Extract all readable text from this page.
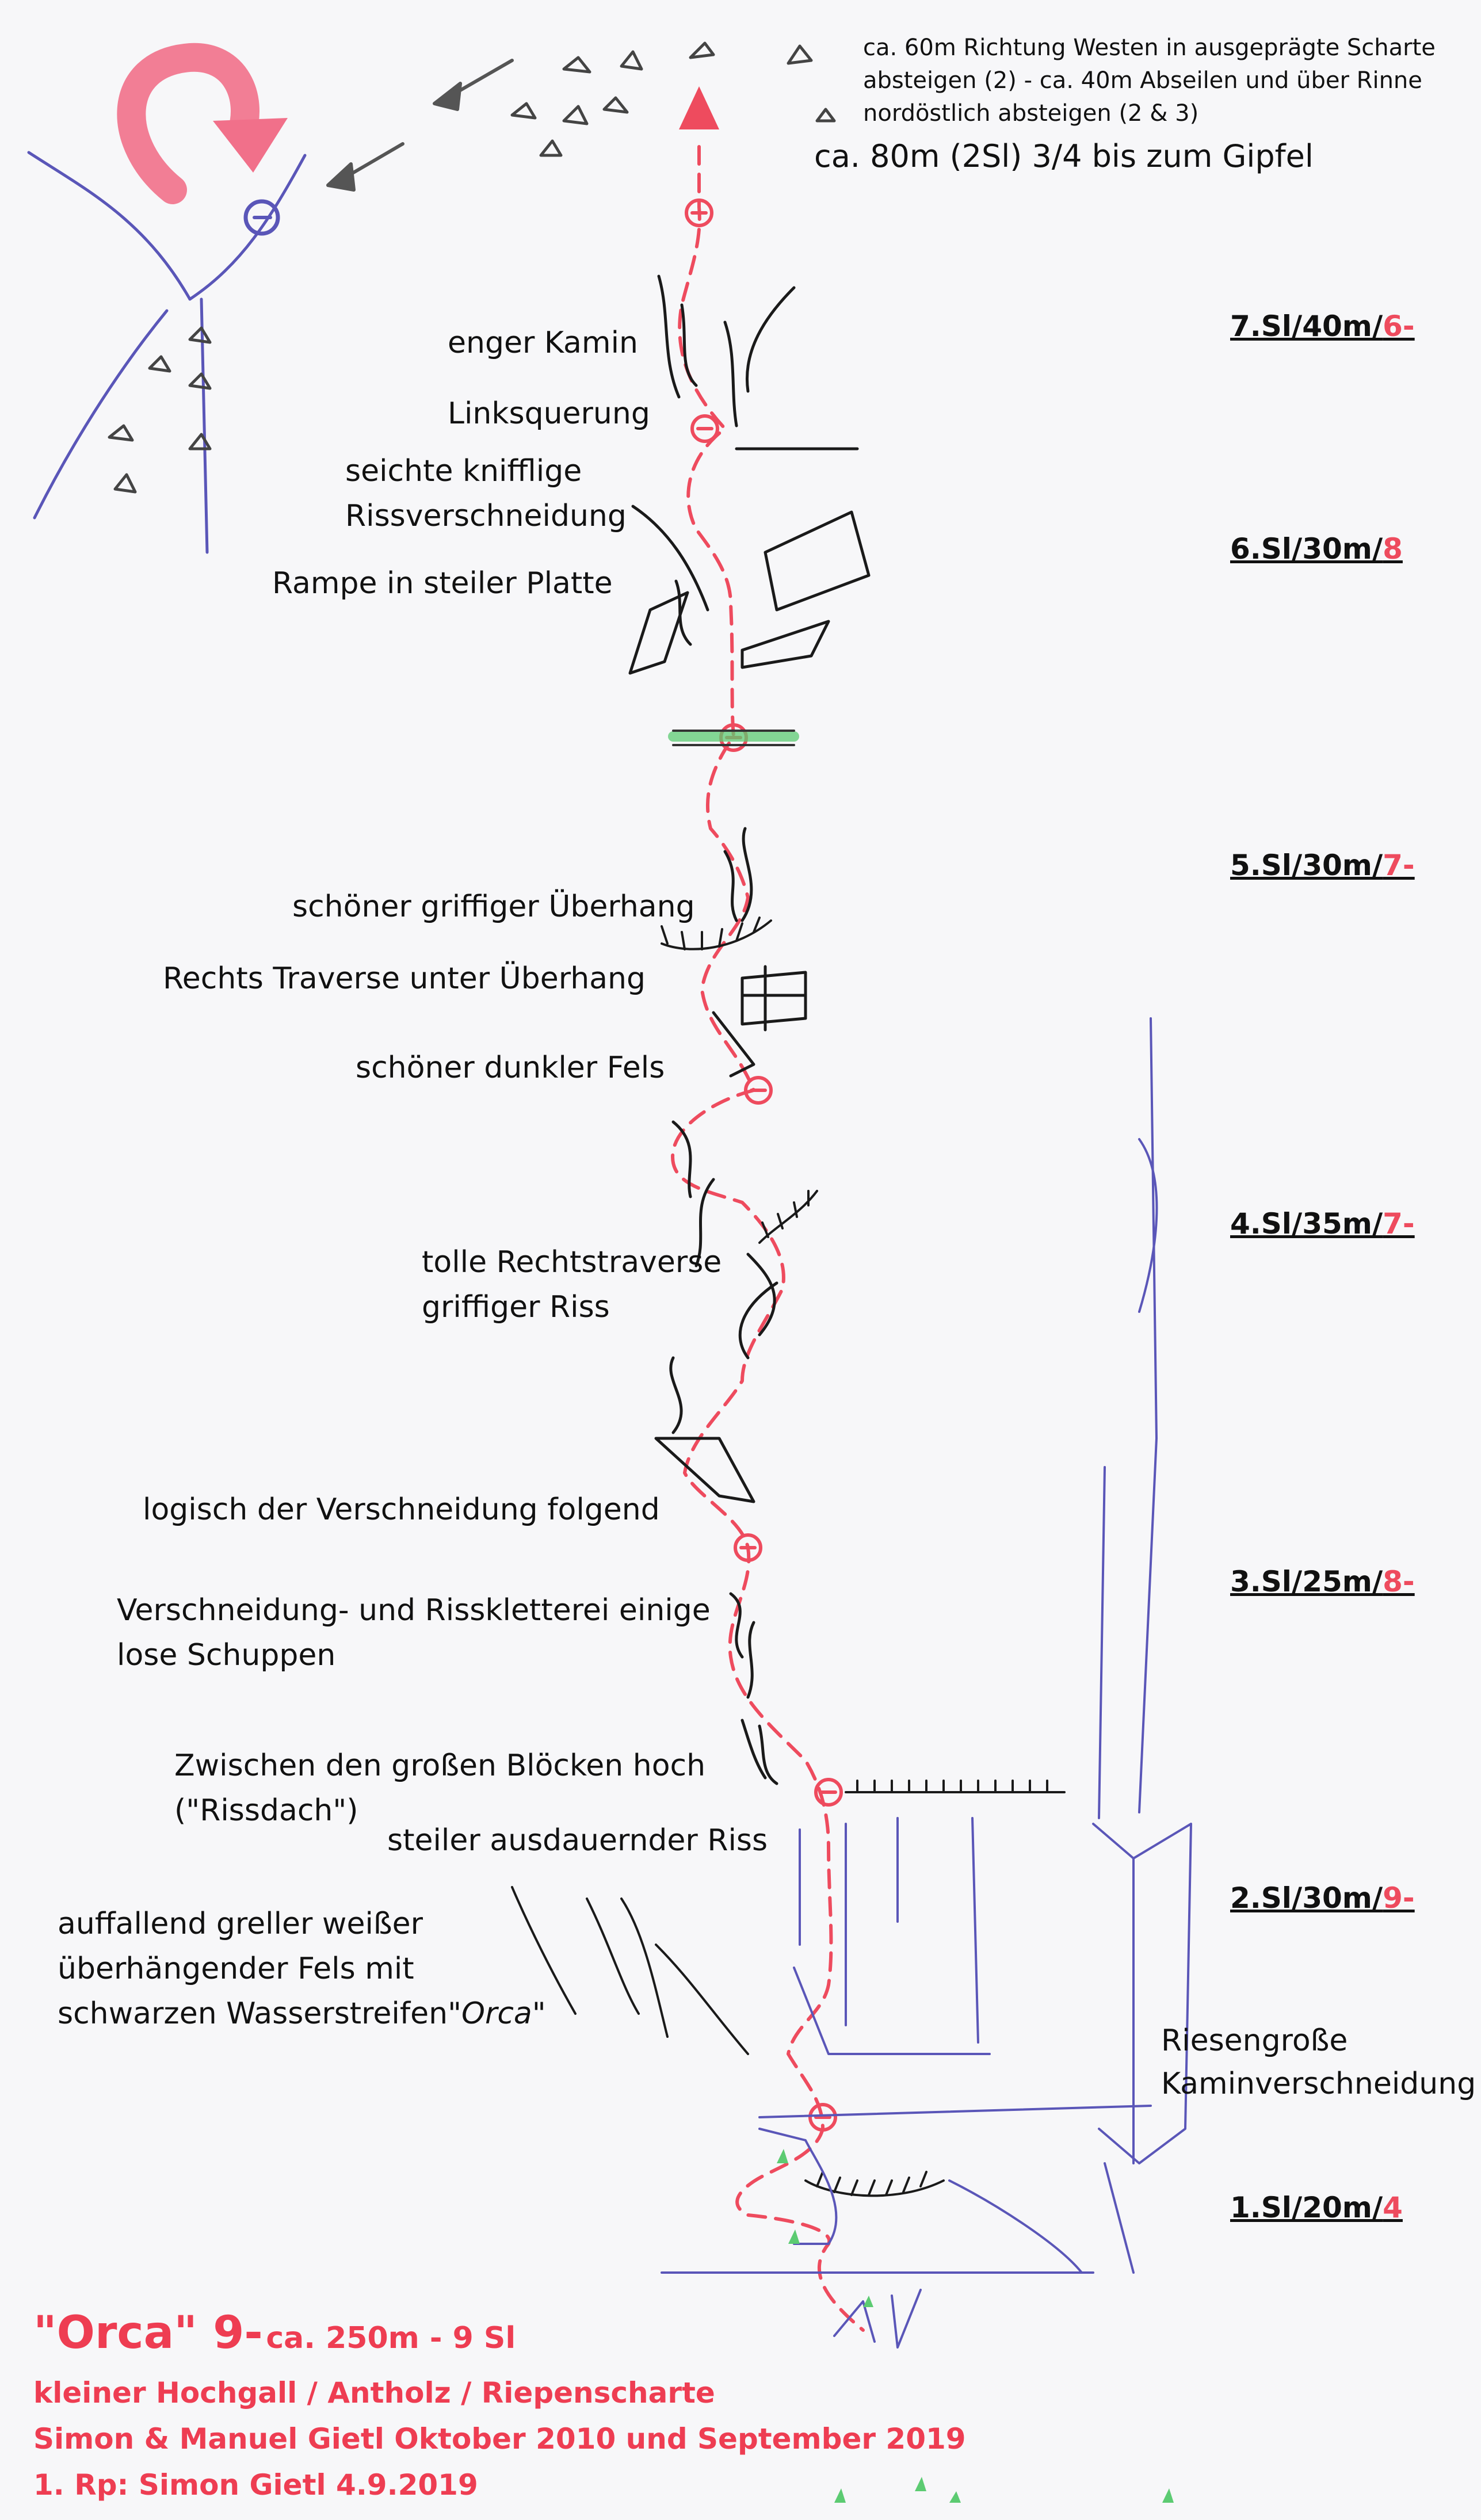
ca. 60m Richtung Westen in ausgeprägte Scharte
absteigen (2) - ca. 40m Abseilen und über Rinne
nordöstlich absteigen (2 & 3)
ca. 80m (2Sl) 3/4 bis zum Gipfel
enger Kamin
Linksquerung
seichte knifflige
Rissverschneidung
Rampe in steiler Platte
schöner griffiger Überhang
Rechts Traverse unter Überhang
schöner dunkler Fels
tolle Rechtstraverse
griffiger Riss
logisch der Verschneidung folgend
Verschneidung- und Risskletterei einige
lose Schuppen
Zwischen den großen Blöcken hoch
("Rissdach")
steiler ausdauernder Riss
auffallend greller weißer
überhängender Fels mit
schwarzen Wasserstreifen"Orca"
Riesengroße
Kaminverschneidung
7.Sl/40m/6-
6.Sl/30m/8
5.Sl/30m/7-
4.Sl/35m/7-
3.Sl/25m/8-
2.Sl/30m/9-
1.Sl/20m/4
"Orca" 9- ca. 250m - 9 Sl
kleiner Hochgall / Antholz / Riepenscharte
Simon & Manuel Gietl Oktober 2010 und September 2019
1. Rp: Simon Gietl 4.9.2019
